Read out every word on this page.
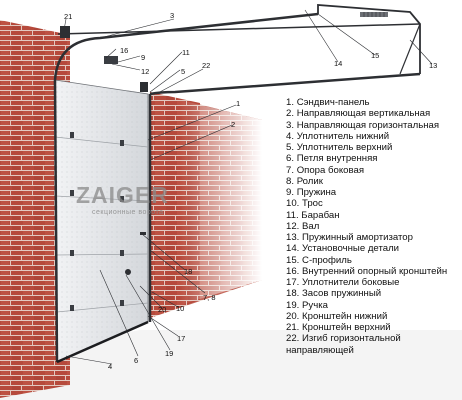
ZAIGER
секционные ворота
21	3
16
9
12
11
5
22
1
2
14
15
13
18
7, 8
20 10
17
19
6
4
1. Сэндвич-панель
2. Направляющая вертикальная
3. Направляющая горизонтальная
4. Уплотнитель нижний
5. Уплотнитель верхний
6. Петля внутренняя
7. Опора боковая
8. Ролик
9. Пружина
10. Трос
11. Барабан
12. Вал
13. Пружинный амортизатор
14. Установочные детали
15. С-профиль
16. Внутренний опорный кронштейн
17. Уплотнители боковые
18. Засов пружинный
19. Ручка
20. Кронштейн нижний
21. Кронштейн верхний
22. Изгиб горизонтальной направляющей
